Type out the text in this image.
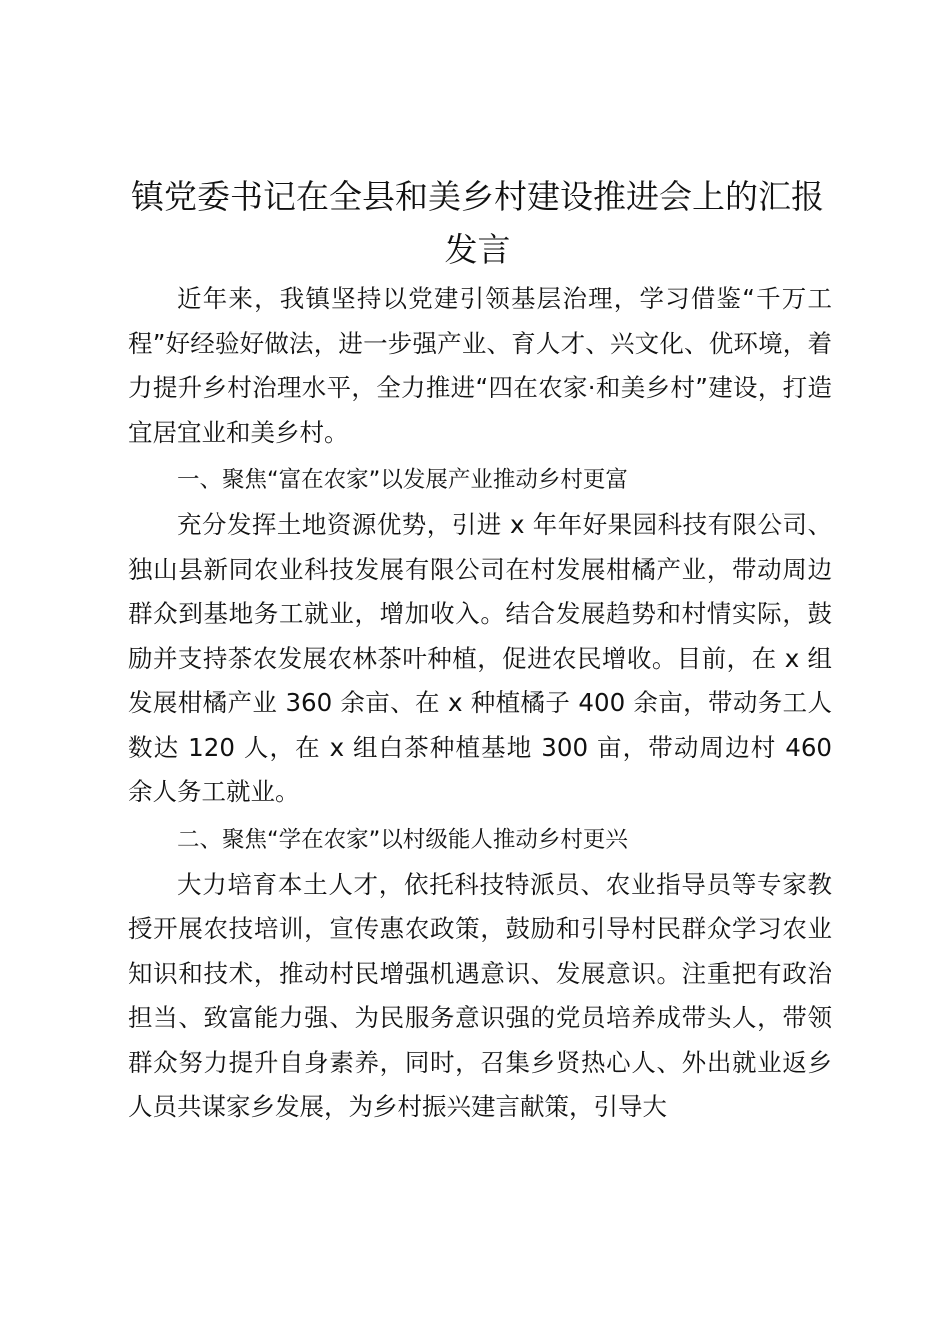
镇党委书记在全县和美乡村建设推进会上的汇报发言

近年来，我镇坚持以党建引领基层治理，学习借鉴“千万工程”好经验好做法，进一步强产业、育人才、兴文化、优环境，着力提升乡村治理水平，全力推进“四在农家·和美乡村”建设，打造宜居宜业和美乡村。

一、聚焦“富在农家”以发展产业推动乡村更富

充分发挥土地资源优势，引进 x 年年好果园科技有限公司、独山县新同农业科技发展有限公司在村发展柑橘产业，带动周边群众到基地务工就业，增加收入。结合发展趋势和村情实际，鼓励并支持茶农发展农林茶叶种植，促进农民增收。目前，在 x 组发展柑橘产业 360 余亩、在 x 种植橘子 400 余亩，带动务工人数达 120 人，在 x 组白茶种植基地 300 亩，带动周边村 460 余人务工就业。

二、聚焦“学在农家”以村级能人推动乡村更兴

大力培育本土人才，依托科技特派员、农业指导员等专家教授开展农技培训，宣传惠农政策，鼓励和引导村民群众学习农业知识和技术，推动村民增强机遇意识、发展意识。注重把有政治担当、致富能力强、为民服务意识强的党员培养成带头人，带领群众努力提升自身素养，同时，召集乡贤热心人、外出就业返乡人员共谋家乡发展，为乡村振兴建言献策，引导大
